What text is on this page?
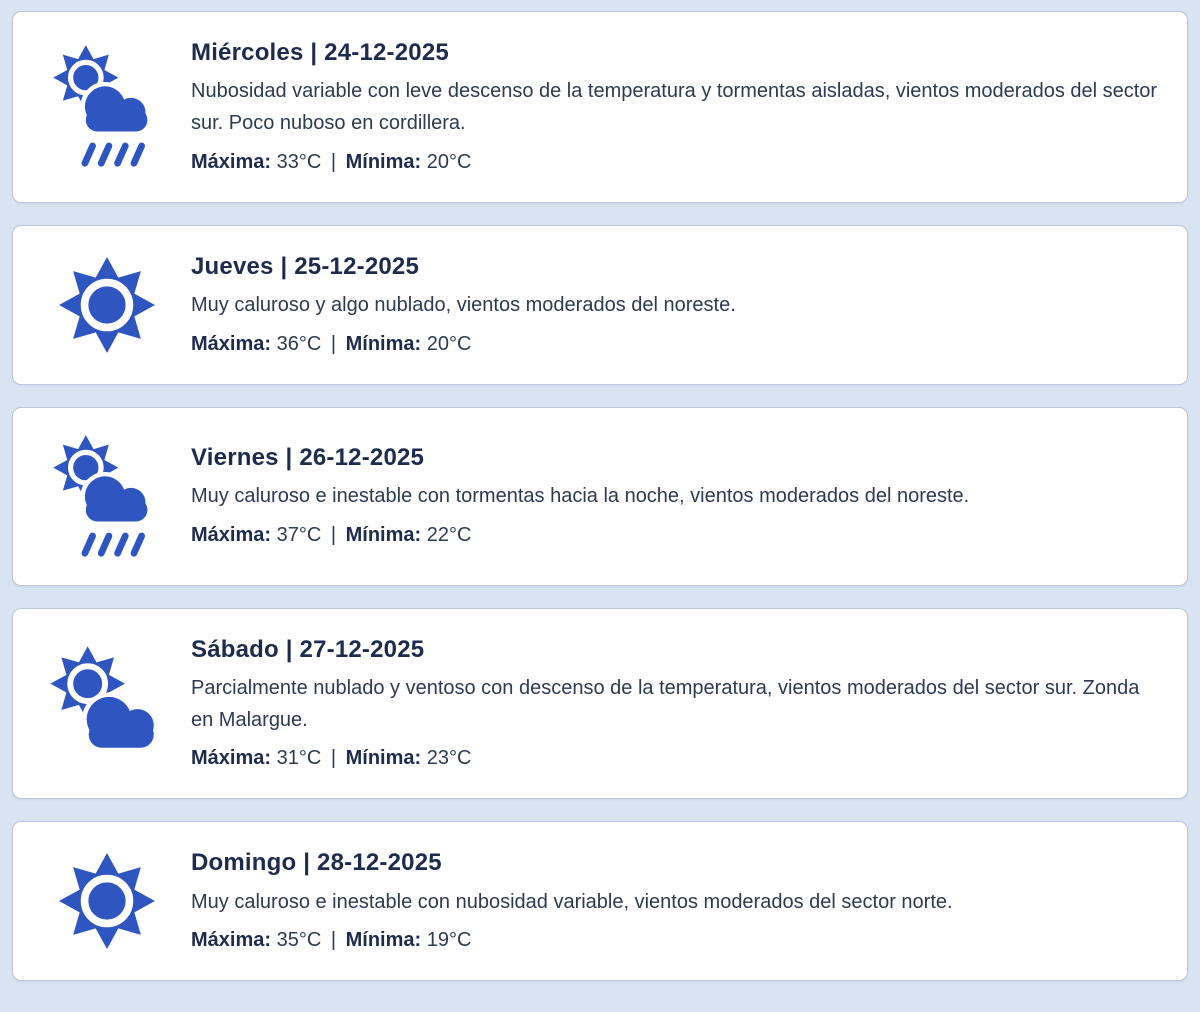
Miércoles | 24-12-2025

Nubosidad variable con leve descenso de la temperatura y tormentas aisladas, vientos moderados del sector sur. Poco nuboso en cordillera.

Máxima: 33°C | Mínima: 20°C

Jueves | 25-12-2025

Muy caluroso y algo nublado, vientos moderados del noreste.

Máxima: 36°C | Mínima: 20°C

Viernes | 26-12-2025

Muy caluroso e inestable con tormentas hacia la noche, vientos moderados del noreste.

Máxima: 37°C | Mínima: 22°C

Sábado | 27-12-2025

Parcialmente nublado y ventoso con descenso de la temperatura, vientos moderados del sector sur. Zonda en Malargue.

Máxima: 31°C | Mínima: 23°C

Domingo | 28-12-2025

Muy caluroso e inestable con nubosidad variable, vientos moderados del sector norte.

Máxima: 35°C | Mínima: 19°C
